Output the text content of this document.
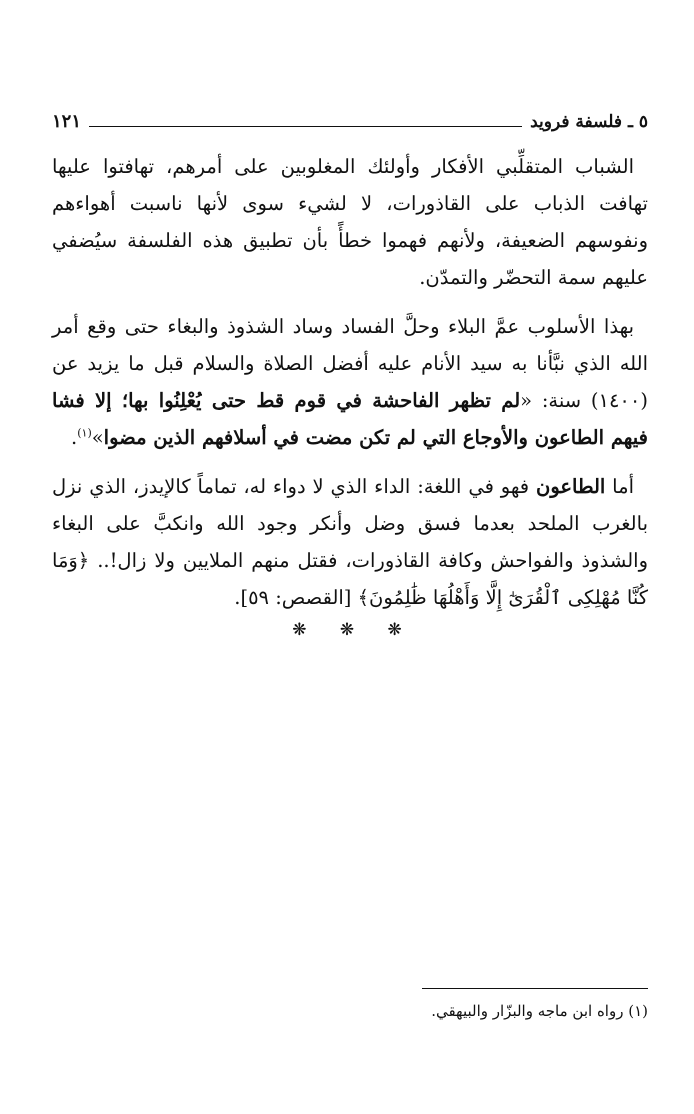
٥ ـ فلسفة فرويد
١٢١

الشباب المتقلِّبي الأفكار وأولئك المغلوبين على أمرهم، تهافتوا عليها تهافت الذباب على القاذورات، لا لشيء سوى لأنها ناسبت أهواءهم ونفوسهم الضعيفة، ولأنهم فهموا خطأً بأن تطبيق هذه الفلسفة سيُضفي عليهم سمة التحضّر والتمدّن.

بهذا الأسلوب عمَّ البلاء وحلَّ الفساد وساد الشذوذ والبغاء حتى وقع أمر الله الذي نبَّأنا به سيد الأنام عليه أفضل الصلاة والسلام قبل ما يزيد عن (١٤٠٠) سنة: «لم تظهر الفاحشة في قوم قط حتى يُعْلِنُوا بها؛ إلا فشا فيهم الطاعون والأوجاع التي لم تكن مضت في أسلافهم الذين مضوا»$^{(١)}$.

أما الطاعون فهو في اللغة: الداء الذي لا دواء له، تماماً كالإيدز، الذي نزل بالغرب الملحد بعدما فسق وضل وأنكر وجود الله وانكبَّ على البغاء والشذوذ والفواحش وكافة القاذورات، فقتل منهم الملايين ولا زال!.. ﴿وَمَا كُنَّا مُهْلِكِى ٱلْقُرَىٰٓ إِلَّا وَأَهْلُهَا ظَٰلِمُونَ﴾ [القصص: ٥٩].

❋ ❋ ❋
(١) رواه ابن ماجه والبزّار والبيهقي.
